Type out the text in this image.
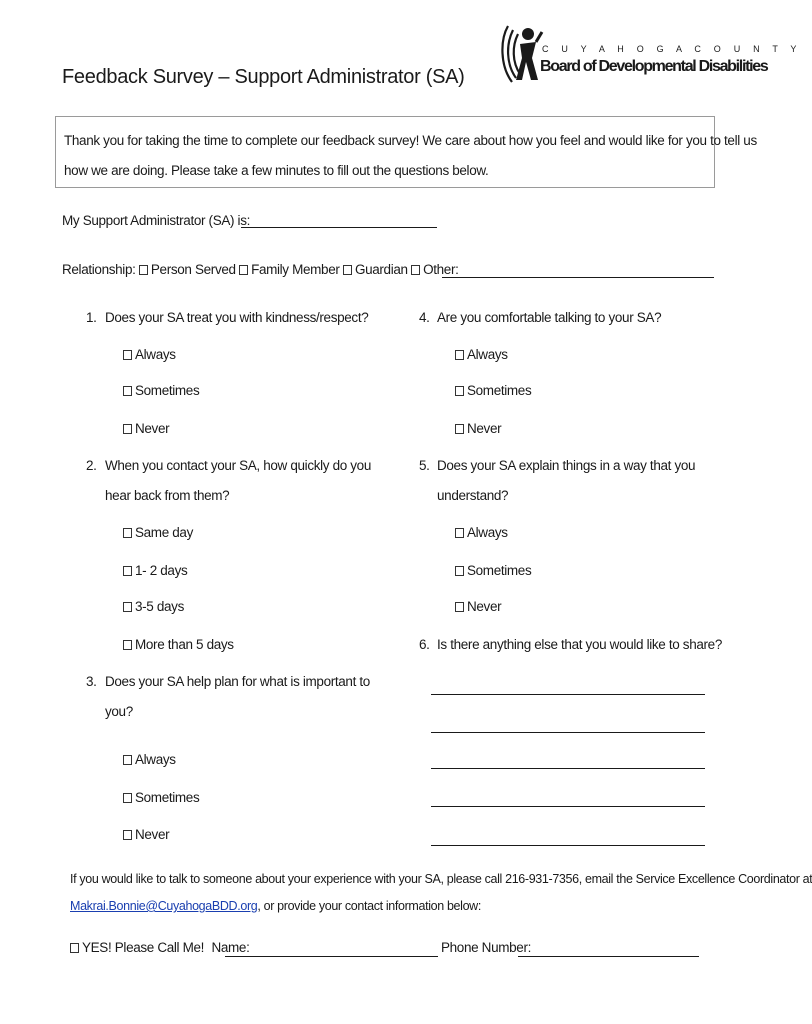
Feedback Survey – Support Administrator (SA)
C U Y A H O G A C O U N T Y
Board of Developmental Disabilities
Thank you for taking the time to complete our feedback survey! We care about how you feel and would like for you to tell us
how we are doing. Please take a few minutes to fill out the questions below.
My Support Administrator (SA) is:
Relationship: Person Served Family Member Guardian Other:
1. Does your SA treat you with kindness/respect?
Always
Sometimes
Never
2. When you contact your SA, how quickly do you
hear back from them?
Same day
1- 2 days
3-5 days
More than 5 days
3. Does your SA help plan for what is important to
you?
Always
Sometimes
Never
4. Are you comfortable talking to your SA?
Always
Sometimes
Never
5. Does your SA explain things in a way that you
understand?
Always
Sometimes
Never
6. Is there anything else that you would like to share?
If you would like to talk to someone about your experience with your SA, please call 216-931-7356, email the Service Excellence Coordinator at
Makrai.Bonnie@CuyahogaBDD.org, or provide your contact information below:
YES! Please Call Me! Name:	Phone Number:
